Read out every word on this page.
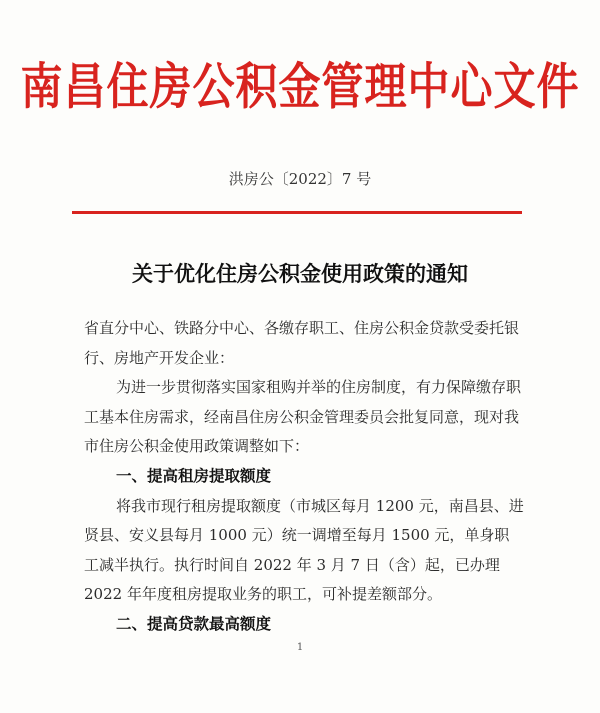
南昌住房公积金管理中心文件
洪房公〔2022〕7 号
关于优化住房公积金使用政策的通知

省直分中心、铁路分中心、各缴存职工、住房公积金贷款受委托银行、房地产开发企业：

为进一步贯彻落实国家租购并举的住房制度，有力保障缴存职工基本住房需求，经南昌住房公积金管理委员会批复同意，现对我市住房公积金使用政策调整如下：

一、提高租房提取额度

将我市现行租房提取额度（市城区每月 1200 元，南昌县、进贤县、安义县每月 1000 元）统一调增至每月 1500 元，单身职工减半执行。执行时间自 2022 年 3 月 7 日（含）起，已办理 2022 年年度租房提取业务的职工，可补提差额部分。

二、提高贷款最高额度

1
